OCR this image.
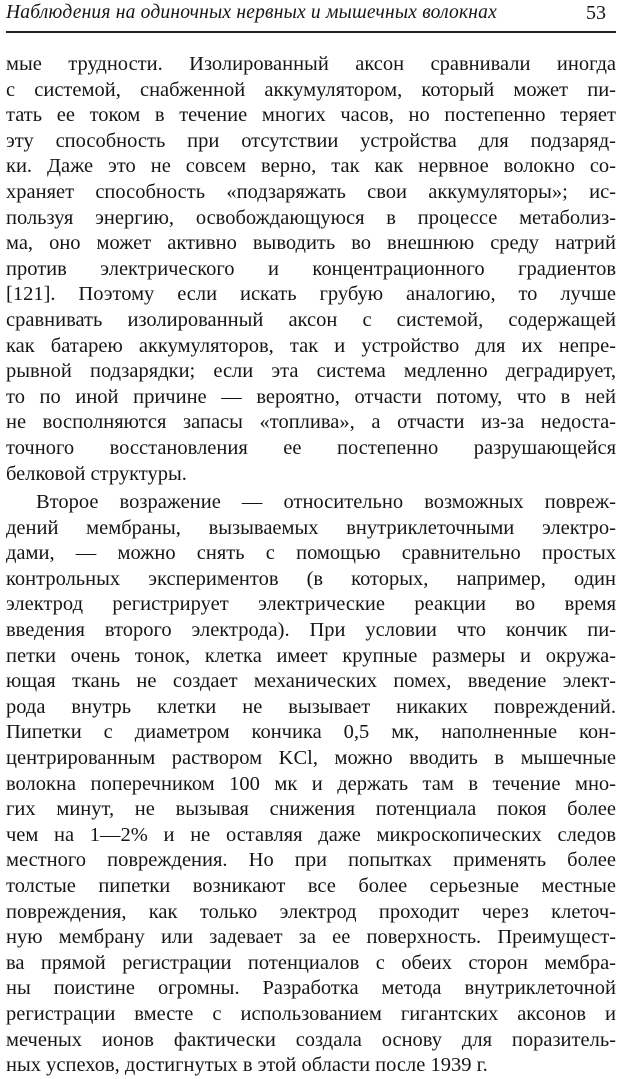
Наблюдения на одиночных нервных и мышечных волокнах	53
мые трудности. Изолированный аксон сравнивали иногда
с системой, снабженной аккумулятором, который может пи-
тать ее током в течение многих часов, но постепенно теряет
эту способность при отсутствии устройства для подзаряд-
ки. Даже это не совсем верно, так как нервное волокно со-
храняет способность «подзаряжать свои аккумуляторы»; ис-
пользуя энергию, освобождающуюся в процессе метаболиз-
ма, оно может активно выводить во внешнюю среду натрий
против электрического и концентрационного градиентов
[121]. Поэтому если искать грубую аналогию, то лучше
сравнивать изолированный аксон с системой, содержащей
как батарею аккумуляторов, так и устройство для их непре-
рывной подзарядки; если эта система медленно деградирует,
то по иной причине — вероятно, отчасти потому, что в ней
не восполняются запасы «топлива», а отчасти из-за недоста-
точного восстановления ее постепенно разрушающейся
белковой структуры.
Второе возражение — относительно возможных повреж-
дений мембраны, вызываемых внутриклеточными электро-
дами, — можно снять с помощью сравнительно простых
контрольных экспериментов (в которых, например, один
электрод регистрирует электрические реакции во время
введения второго электрода). При условии что кончик пи-
петки очень тонок, клетка имеет крупные размеры и окружа-
ющая ткань не создает механических помех, введение элект-
рода внутрь клетки не вызывает никаких повреждений.
Пипетки с диаметром кончика 0,5 мк, наполненные кон-
центрированным раствором KCl, можно вводить в мышечные
волокна поперечником 100 мк и держать там в течение мно-
гих минут, не вызывая снижения потенциала покоя более
чем на 1—2% и не оставляя даже микроскопических следов
местного повреждения. Но при попытках применять более
толстые пипетки возникают все более серьезные местные
повреждения, как только электрод проходит через клеточ-
ную мембрану или задевает за ее поверхность. Преимущест-
ва прямой регистрации потенциалов с обеих сторон мембра-
ны поистине огромны. Разработка метода внутриклеточной
регистрации вместе с использованием гигантских аксонов и
меченых ионов фактически создала основу для поразитель-
ных успехов, достигнутых в этой области после 1939 г.
